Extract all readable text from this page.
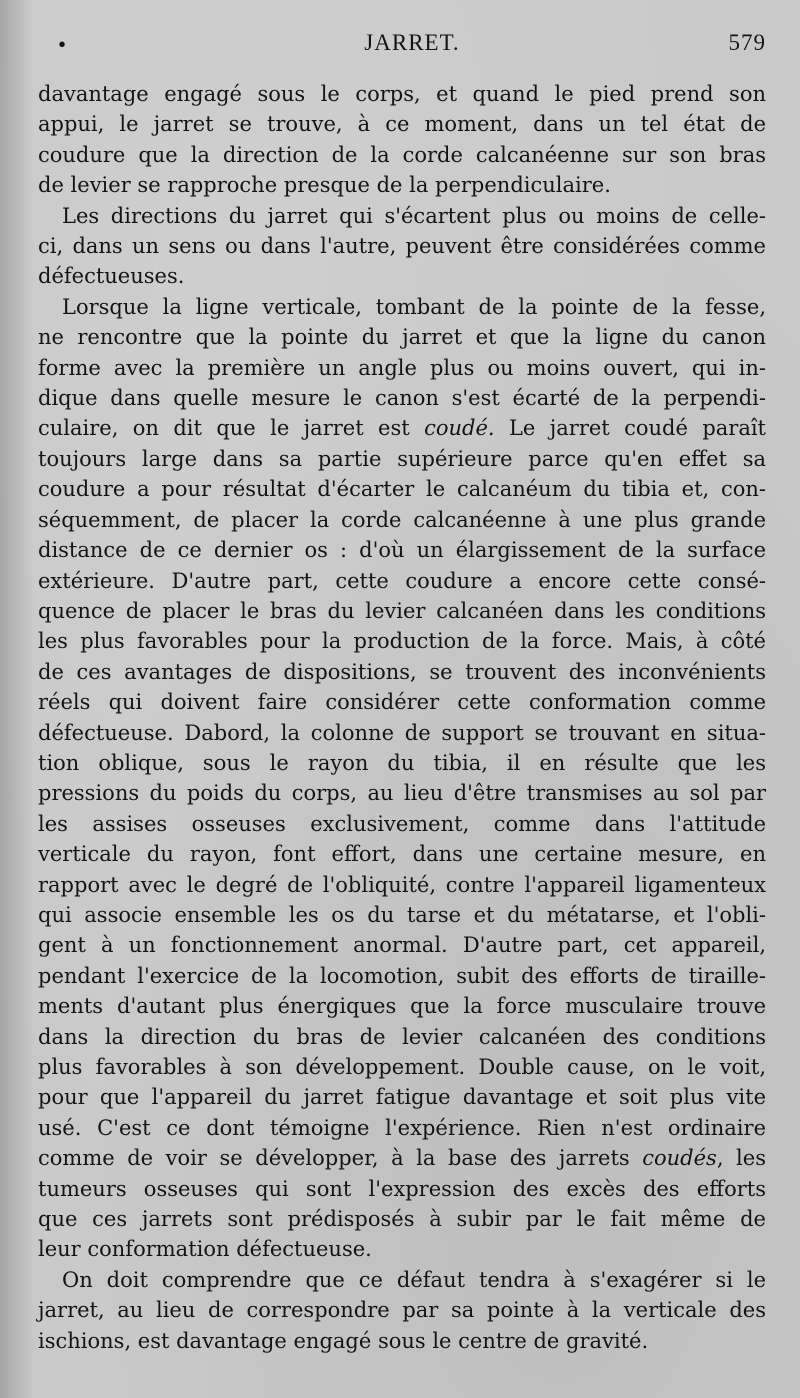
•	JARRET.	579

davantage engagé sous le corps, et quand le pied prend son
appui, le jarret se trouve, à ce moment, dans un tel état de
coudure que la direction de la corde calcanéenne sur son bras
de levier se rapproche presque de la perpendiculaire.

Les directions du jarret qui s'écartent plus ou moins de celle-
ci, dans un sens ou dans l'autre, peuvent être considérées comme
défectueuses.

Lorsque la ligne verticale, tombant de la pointe de la fesse,
ne rencontre que la pointe du jarret et que la ligne du canon
forme avec la première un angle plus ou moins ouvert, qui in-
dique dans quelle mesure le canon s'est écarté de la perpendi-
culaire, on dit que le jarret est coudé. Le jarret coudé paraît
toujours large dans sa partie supérieure parce qu'en effet sa
coudure a pour résultat d'écarter le calcanéum du tibia et, con-
séquemment, de placer la corde calcanéenne à une plus grande
distance de ce dernier os : d'où un élargissement de la surface
extérieure. D'autre part, cette coudure a encore cette consé-
quence de placer le bras du levier calcanéen dans les conditions
les plus favorables pour la production de la force. Mais, à côté
de ces avantages de dispositions, se trouvent des inconvénients
réels qui doivent faire considérer cette conformation comme
défectueuse. Dabord, la colonne de support se trouvant en situa-
tion oblique, sous le rayon du tibia, il en résulte que les
pressions du poids du corps, au lieu d'être transmises au sol par
les assises osseuses exclusivement, comme dans l'attitude
verticale du rayon, font effort, dans une certaine mesure, en
rapport avec le degré de l'obliquité, contre l'appareil ligamenteux
qui associe ensemble les os du tarse et du métatarse, et l'obli-
gent à un fonctionnement anormal. D'autre part, cet appareil,
pendant l'exercice de la locomotion, subit des efforts de tiraille-
ments d'autant plus énergiques que la force musculaire trouve
dans la direction du bras de levier calcanéen des conditions
plus favorables à son développement. Double cause, on le voit,
pour que l'appareil du jarret fatigue davantage et soit plus vite
usé. C'est ce dont témoigne l'expérience. Rien n'est ordinaire
comme de voir se développer, à la base des jarrets coudés, les
tumeurs osseuses qui sont l'expression des excès des efforts
que ces jarrets sont prédisposés à subir par le fait même de
leur conformation défectueuse.

On doit comprendre que ce défaut tendra à s'exagérer si le
jarret, au lieu de correspondre par sa pointe à la verticale des
ischions, est davantage engagé sous le centre de gravité.
